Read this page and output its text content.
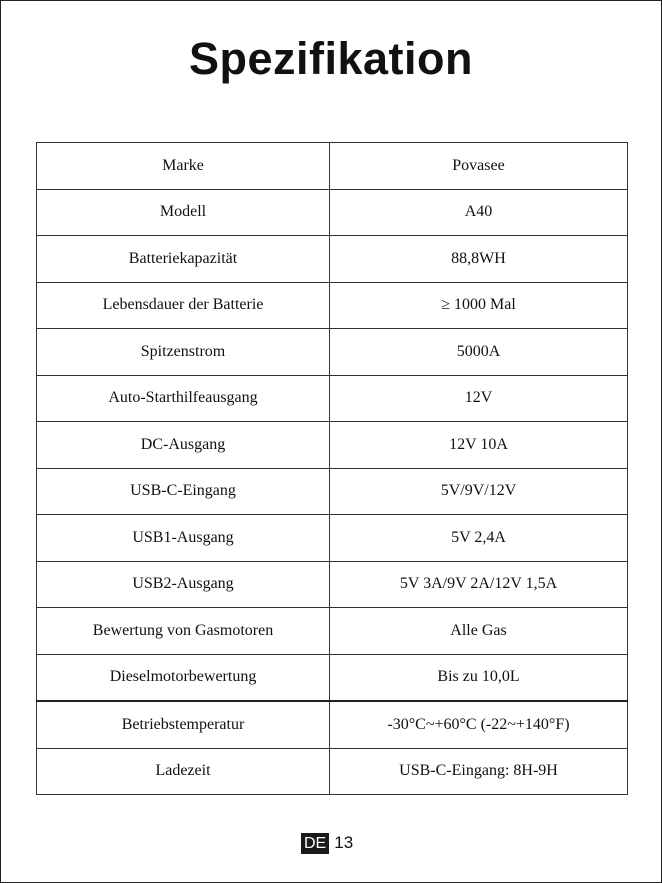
Spezifikation
Marke	Povasee
Modell	A40
Batteriekapazität	88,8WH
Lebensdauer der Batterie	≥ 1000 Mal
Spitzenstrom	5000A
Auto-Starthilfeausgang	12V
DC-Ausgang	12V 10A
USB-C-Eingang	5V/9V/12V
USB1-Ausgang	5V 2,4A
USB2-Ausgang	5V 3A/9V 2A/12V 1,5A
Bewertung von Gasmotoren	Alle Gas
Dieselmotorbewertung	Bis zu 10,0L
Betriebstemperatur	-30°C~+60°C (-22~+140°F)
Ladezeit	USB-C-Eingang: 8H-9H
DE 13
